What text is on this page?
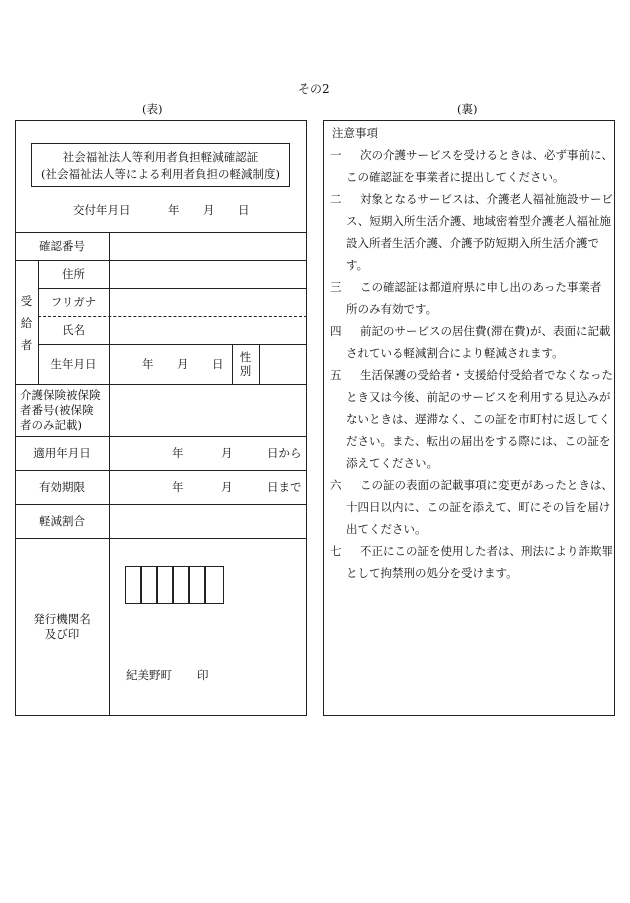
その2
(表)	(裏)
社会福祉法人等利用者負担軽減確認証
(社会福祉法人等による利用者負担の軽減制度)
交付年月日	年 月 日
確認番号
受
給
者
住所
フリガナ
氏名
生年月日	年 月 日	性
別
介護保険被保険
者番号(被保険
者のみ記載)
適用年月日	年	月	日から
有効期限	年	月	日まで
軽減割合
発行機関名
及び印
紀美野町 印
注意事項
一	次の介護サービスを受けるときは、必ず事前に、
この確認証を事業者に提出してください。
二	対象となるサービスは、介護老人福祉施設サービ
ス、短期入所生活介護、地域密着型介護老人福祉施
設入所者生活介護、介護予防短期入所生活介護で
す。
三	この確認証は都道府県に申し出のあった事業者
所のみ有効です。
四	前記のサービスの居住費(滞在費)が、表面に記載
されている軽減割合により軽減されます。
五	生活保護の受給者・支援給付受給者でなくなった
とき又は今後、前記のサービスを利用する見込みが
ないときは、遅滞なく、この証を市町村に返してく
ださい。また、転出の届出をする際には、この証を
添えてください。
六	この証の表面の記載事項に変更があったときは、
十四日以内に、この証を添えて、町にその旨を届け
出てください。
七	不正にこの証を使用した者は、刑法により詐欺罪
として拘禁刑の処分を受けます。
